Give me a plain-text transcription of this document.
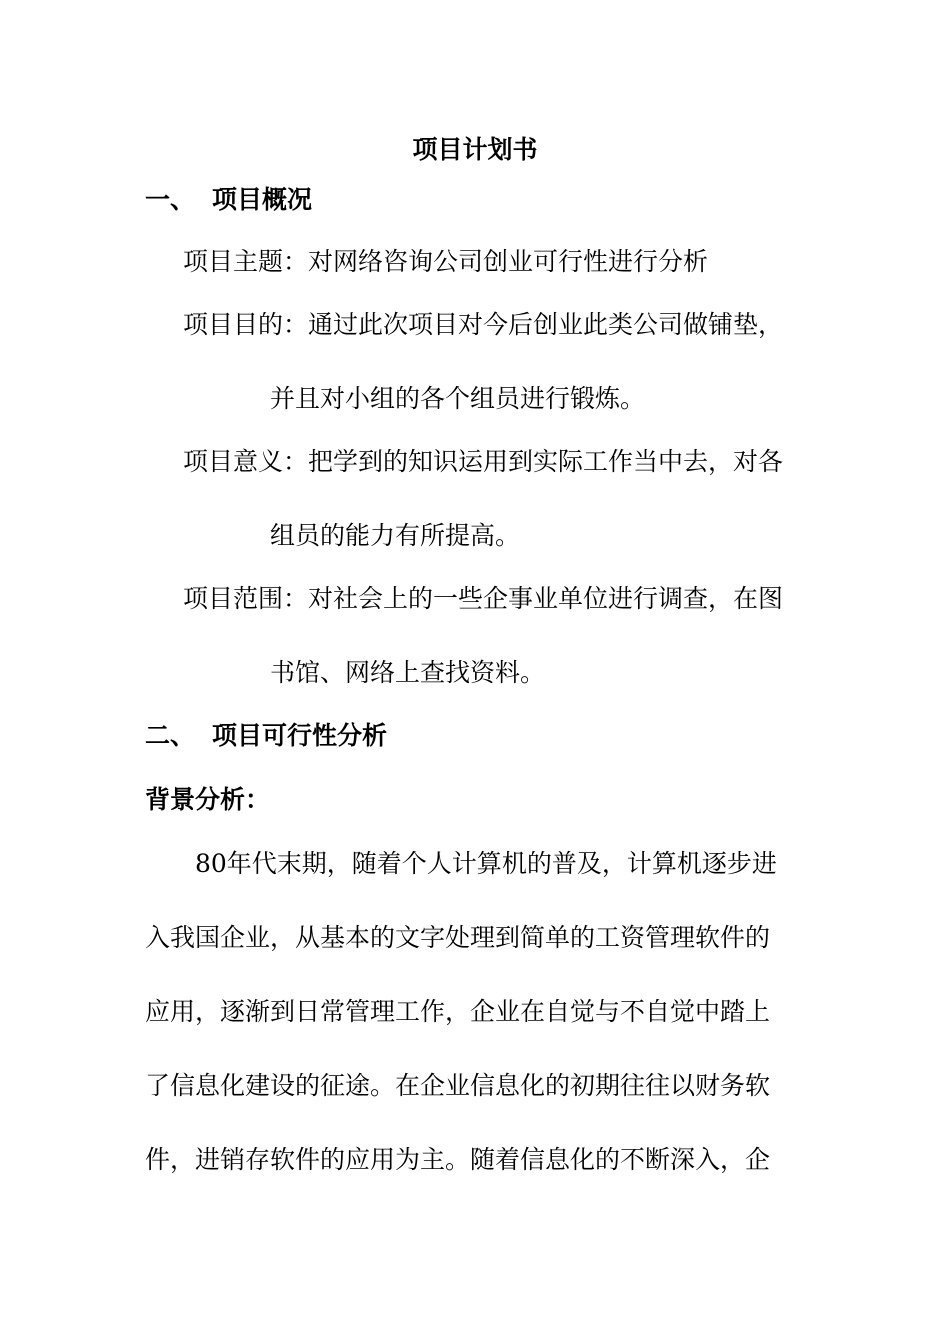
项目计划书
一、 项目概况
项目主题：对网络咨询公司创业可行性进行分析
项目目的：通过此次项目对今后创业此类公司做铺垫，
并且对小组的各个组员进行锻炼。
项目意义：把学到的知识运用到实际工作当中去，对各
组员的能力有所提高。
项目范围：对社会上的一些企事业单位进行调查，在图
书馆、网络上查找资料。
二、 项目可行性分析
背景分析：
80年代末期，随着个人计算机的普及，计算机逐步进
入我国企业，从基本的文字处理到简单的工资管理软件的
应用，逐渐到日常管理工作，企业在自觉与不自觉中踏上
了信息化建设的征途。在企业信息化的初期往往以财务软
件，进销存软件的应用为主。随着信息化的不断深入，企
